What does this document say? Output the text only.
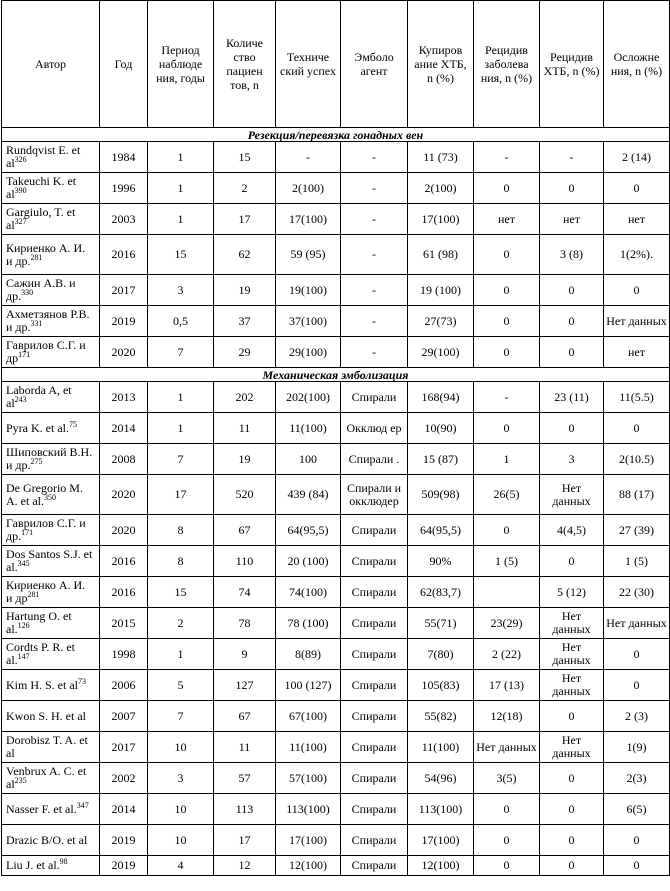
Автор	Год	Период наблюде ния, годы	Количе ство пациен тов, n	Техниче ский успех	Эмболо агент	Купиров ание ХТБ, n (%)	Рецидив заболева ния, n (%)	Рецидив ХТБ, n (%)	Осложне ния, n (%)
Резекция/перевязка гонадных вен									
Rundqvist E. et $al^{326}$	1984	1	15	-	-	11 (73)	-	-	2 (14)
Takeuchi K. et $al^{390}$	1996	1	2	2(100)	-	2(100)	0	0	0
Gargiulo, T. et $al^{327}$	2003	1	17	17(100)	-	17(100)	нет	нет	нет
Кириенко А. И. и др.$^{281}$	2016	15	62	59 (95)	-	61 (98)	0	3 (8)	1(2%).
Сажин А.В. и др.$^{330}$	2017	3	19	19(100)	-	19 (100)	0	0	0
Ахметзянов Р.В. и др.$^{331}$	2019	0,5	37	37(100)	-	27(73)	0	0	Нет данных
Гаврилов С.Г. и $др^{171}$	2020	7	29	29(100)	-	29(100)	0	0	нет
Механическая эмболизация									
Laborda A, et $al^{243}$	2013	1	202	202(100)	Спирали	168(94)	-	23 (11)	11(5.5)
Pyra K. et al.$^{75}$	2014	1	11	11(100)	Окклюд ер	10(90)	0	0	0
Шиповский В.Н. и др.$^{275}$	2008	7	19	100	Спирали .	15 (87)	1	3	2(10.5)
De Gregorio M. A. et al.$^{350}$	2020	17	520	439 (84)	Спирали и окклюдер	509(98)	26(5)	Нет данных	88 (17)
Гаврилов С.Г. и др.$^{171}$	2020	8	67	64(95,5)	Спирали	64(95,5)	0	4(4,5)	27 (39)
Dos Santos S.J. et al.$^{345}$	2016	8	110	20 (100)	Спирали	90%	1 (5)	0	1 (5)
Кириенко А. И. и $др^{281}$	2016	15	74	74(100)	Спирали	62(83,7)		5 (12)	22 (30)
Hartung O. et al.$^{126}$	2015	2	78	78 (100)	Спирали	55(71)	23(29)	Нет данных	Нет данных
Cordts P. R. et al.$^{147}$	1998	1	9	8(89)	Спирали	7(80)	2 (22)	Нет данных	0
Kim H. S. et $al^{73}$	2006	5	127	100 (127)	Спирали	105(83)	17 (13)	Нет данных	0
Kwon S. H. et al	2007	7	67	67(100)	Спирали	55(82)	12(18)	0	2 (3)
Dorobisz T. A. et al	2017	10	11	11(100)	Спирали	11(100)	Нет данных	Нет данных	1(9)
Venbrux A. C. et $al^{235}$	2002	3	57	57(100)	Спирали	54(96)	3(5)	0	2(3)
Nasser F. et al.$^{347}$	2014	10	113	113(100)	Спирали	113(100)	0	0	6(5)
Drazic B/O. et al	2019	10	17	17(100)	Спирали	17(100)	0	0	0
Liu J. et al.$^{98}$	2019	4	12	12(100)	Спирали	12(100)	0	0	0
